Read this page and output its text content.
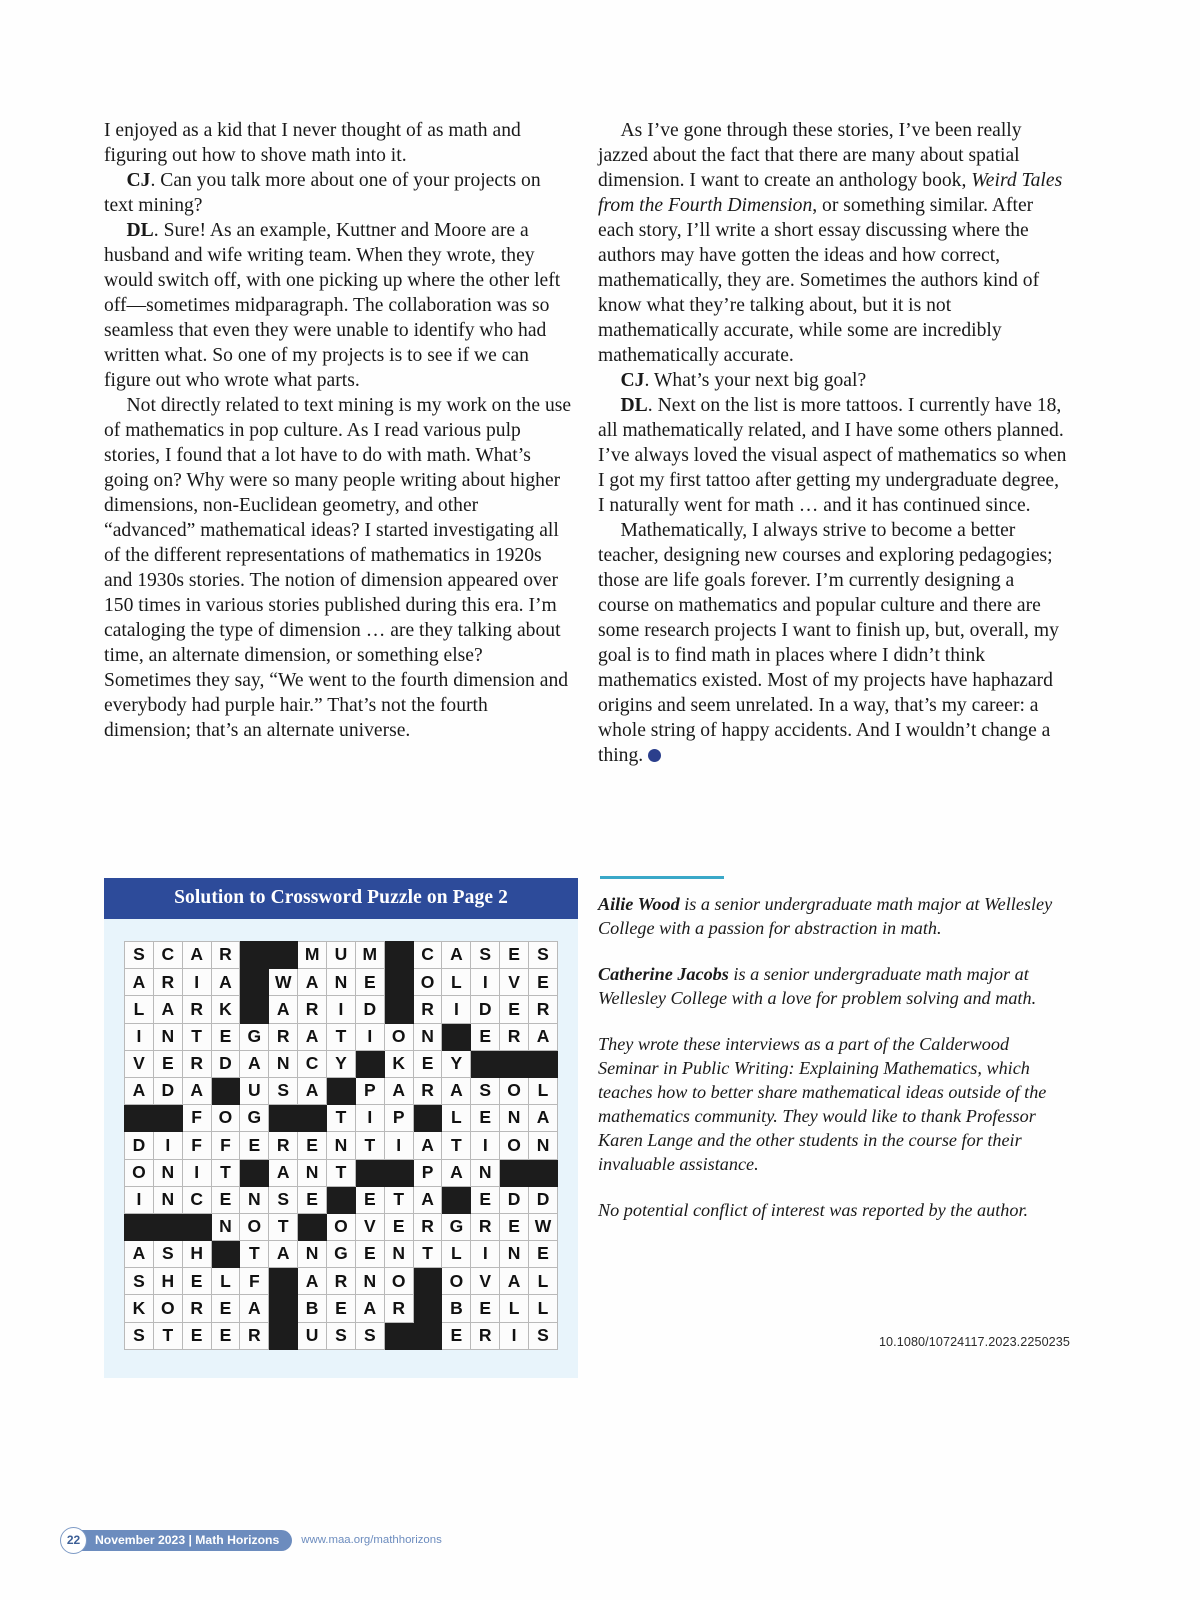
I enjoyed as a kid that I never thought of as math and figuring out how to shove math into it.

CJ. Can you talk more about one of your projects on text mining?

DL. Sure! As an example, Kuttner and Moore are a husband and wife writing team. When they wrote, they would switch off, with one picking up where the other left off—sometimes midparagraph. The collaboration was so seamless that even they were unable to identify who had written what. So one of my projects is to see if we can figure out who wrote what parts.

Not directly related to text mining is my work on the use of mathematics in pop culture. As I read various pulp stories, I found that a lot have to do with math. What’s going on? Why were so many people writing about higher dimensions, non-Euclidean geometry, and other “advanced” mathematical ideas? I started investigating all of the different representations of mathematics in 1920s and 1930s stories. The notion of dimension appeared over 150 times in various stories published during this era. I’m cataloging the type of dimension … are they talking about time, an alternate dimension, or something else? Sometimes they say, “We went to the fourth dimension and everybody had purple hair.” That’s not the fourth dimension; that’s an alternate universe.

As I’ve gone through these stories, I’ve been really jazzed about the fact that there are many about spatial dimension. I want to create an anthology book, Weird Tales from the Fourth Dimension, or something similar. After each story, I’ll write a short essay discussing where the authors may have gotten the ideas and how correct, mathematically, they are. Sometimes the authors kind of know what they’re talking about, but it is not mathematically accurate, while some are incredibly mathematically accurate.

CJ. What’s your next big goal?

DL. Next on the list is more tattoos. I currently have 18, all mathematically related, and I have some others planned. I’ve always loved the visual aspect of mathematics so when I got my first tattoo after getting my undergraduate degree, I naturally went for math … and it has continued since.

Mathematically, I always strive to become a better teacher, designing new courses and exploring pedagogies; those are life goals forever. I’m currently designing a course on mathematics and popular culture and there are some research projects I want to finish up, but, overall, my goal is to find math in places where I didn’t think mathematics existed. Most of my projects have haphazard origins and seem unrelated. In a way, that’s my career: a whole string of happy accidents. And I wouldn’t change a thing.

Solution to Crossword Puzzle on Page 2
S	C	A	R			M	U	M		C	A	S	E	S
A	R	I	A		W	A	N	E		O	L	I	V	E
L	A	R	K		A	R	I	D		R	I	D	E	R
I	N	T	E	G	R	A	T	I	O	N		E	R	A
V	E	R	D	A	N	C	Y		K	E	Y			
A	D	A		U	S	A		P	A	R	A	S	O	L
		F	O	G			T	I	P		L	E	N	A
D	I	F	F	E	R	E	N	T	I	A	T	I	O	N
O	N	I	T		A	N	T			P	A	N		
I	N	C	E	N	S	E		E	T	A		E	D	D
			N	O	T		O	V	E	R	G	R	E	W
A	S	H		T	A	N	G	E	N	T	L	I	N	E
S	H	E	L	F		A	R	N	O		O	V	A	L
K	O	R	E	A		B	E	A	R		B	E	L	L
S	T	E	E	R		U	S	S			E	R	I	S

Ailie Wood is a senior undergraduate math major at Wellesley College with a passion for abstraction in math.

Catherine Jacobs is a senior undergraduate math major at Wellesley College with a love for problem solving and math.

They wrote these interviews as a part of the Calderwood Seminar in Public Writing: Explaining Mathematics, which teaches how to better share mathematical ideas outside of the mathematics community. They would like to thank Professor Karen Lange and the other students in the course for their invaluable assistance.

No potential conflict of interest was reported by the author.

10.1080/10724117.2023.2250235
22	November 2023 | Math Horizons	www.maa.org/mathhorizons
